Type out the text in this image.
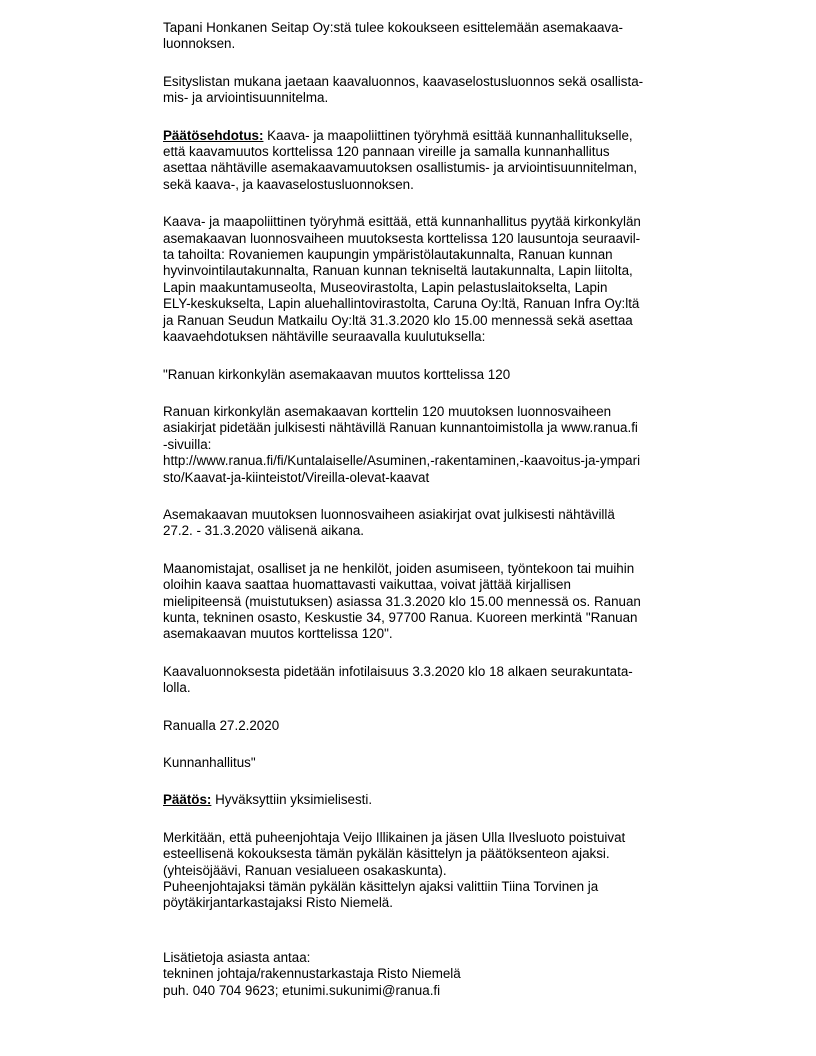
Tapani Honkanen Seitap Oy:stä tulee kokoukseen esittelemään asemakaava-
luonnoksen.

Esityslistan mukana jaetaan kaavaluonnos, kaavaselostusluonnos sekä osallista-
mis- ja arviointisuunnitelma.

Päätösehdotus: Kaava- ja maapoliittinen työryhmä esittää kunnanhallitukselle,
että kaavamuutos korttelissa 120 pannaan vireille ja samalla kunnanhallitus
asettaa nähtäville asemakaavamuutoksen osallistumis- ja arviointisuunnitelman,
sekä kaava-, ja kaavaselostusluonnoksen.

Kaava- ja maapoliittinen työryhmä esittää, että kunnanhallitus pyytää kirkonkylän
asemakaavan luonnosvaiheen muutoksesta korttelissa 120 lausuntoja seuraavil-
ta tahoilta: Rovaniemen kaupungin ympäristölautakunnalta, Ranuan kunnan
hyvinvointilautakunnalta, Ranuan kunnan tekniseltä lautakunnalta, Lapin liitolta,
Lapin maakuntamuseolta, Museovirastolta, Lapin pelastuslaitokselta, Lapin
ELY-keskukselta, Lapin aluehallintovirastolta, Caruna Oy:ltä, Ranuan Infra Oy:ltä
ja Ranuan Seudun Matkailu Oy:ltä 31.3.2020 klo 15.00 mennessä sekä asettaa
kaavaehdotuksen nähtäville seuraavalla kuulutuksella:

"Ranuan kirkonkylän asemakaavan muutos korttelissa 120

Ranuan kirkonkylän asemakaavan korttelin 120 muutoksen luonnosvaiheen
asiakirjat pidetään julkisesti nähtävillä Ranuan kunnantoimistolla ja www.ranua.fi
-sivuilla:
http://www.ranua.fi/fi/Kuntalaiselle/Asuminen,-rakentaminen,-kaavoitus-ja-ympari
sto/Kaavat-ja-kiinteistot/Vireilla-olevat-kaavat

Asemakaavan muutoksen luonnosvaiheen asiakirjat ovat julkisesti nähtävillä
27.2. - 31.3.2020 välisenä aikana.

Maanomistajat, osalliset ja ne henkilöt, joiden asumiseen, työntekoon tai muihin
oloihin kaava saattaa huomattavasti vaikuttaa, voivat jättää kirjallisen
mielipiteensä (muistutuksen) asiassa 31.3.2020 klo 15.00 mennessä os. Ranuan
kunta, tekninen osasto, Keskustie 34, 97700 Ranua. Kuoreen merkintä "Ranuan
asemakaavan muutos korttelissa 120".

Kaavaluonnoksesta pidetään infotilaisuus 3.3.2020 klo 18 alkaen seurakuntata-
lolla.

Ranualla 27.2.2020

Kunnanhallitus"

Päätös: Hyväksyttiin yksimielisesti.

Merkitään, että puheenjohtaja Veijo Illikainen ja jäsen Ulla Ilvesluoto poistuivat
esteellisenä kokouksesta tämän pykälän käsittelyn ja päätöksenteon ajaksi.
(yhteisöjäävi, Ranuan vesialueen osakaskunta).
Puheenjohtajaksi tämän pykälän käsittelyn ajaksi valittiin Tiina Torvinen ja
pöytäkirjantarkastajaksi Risto Niemelä.

Lisätietoja asiasta antaa:
tekninen johtaja/rakennustarkastaja Risto Niemelä
puh. 040 704 9623; etunimi.sukunimi@ranua.fi
